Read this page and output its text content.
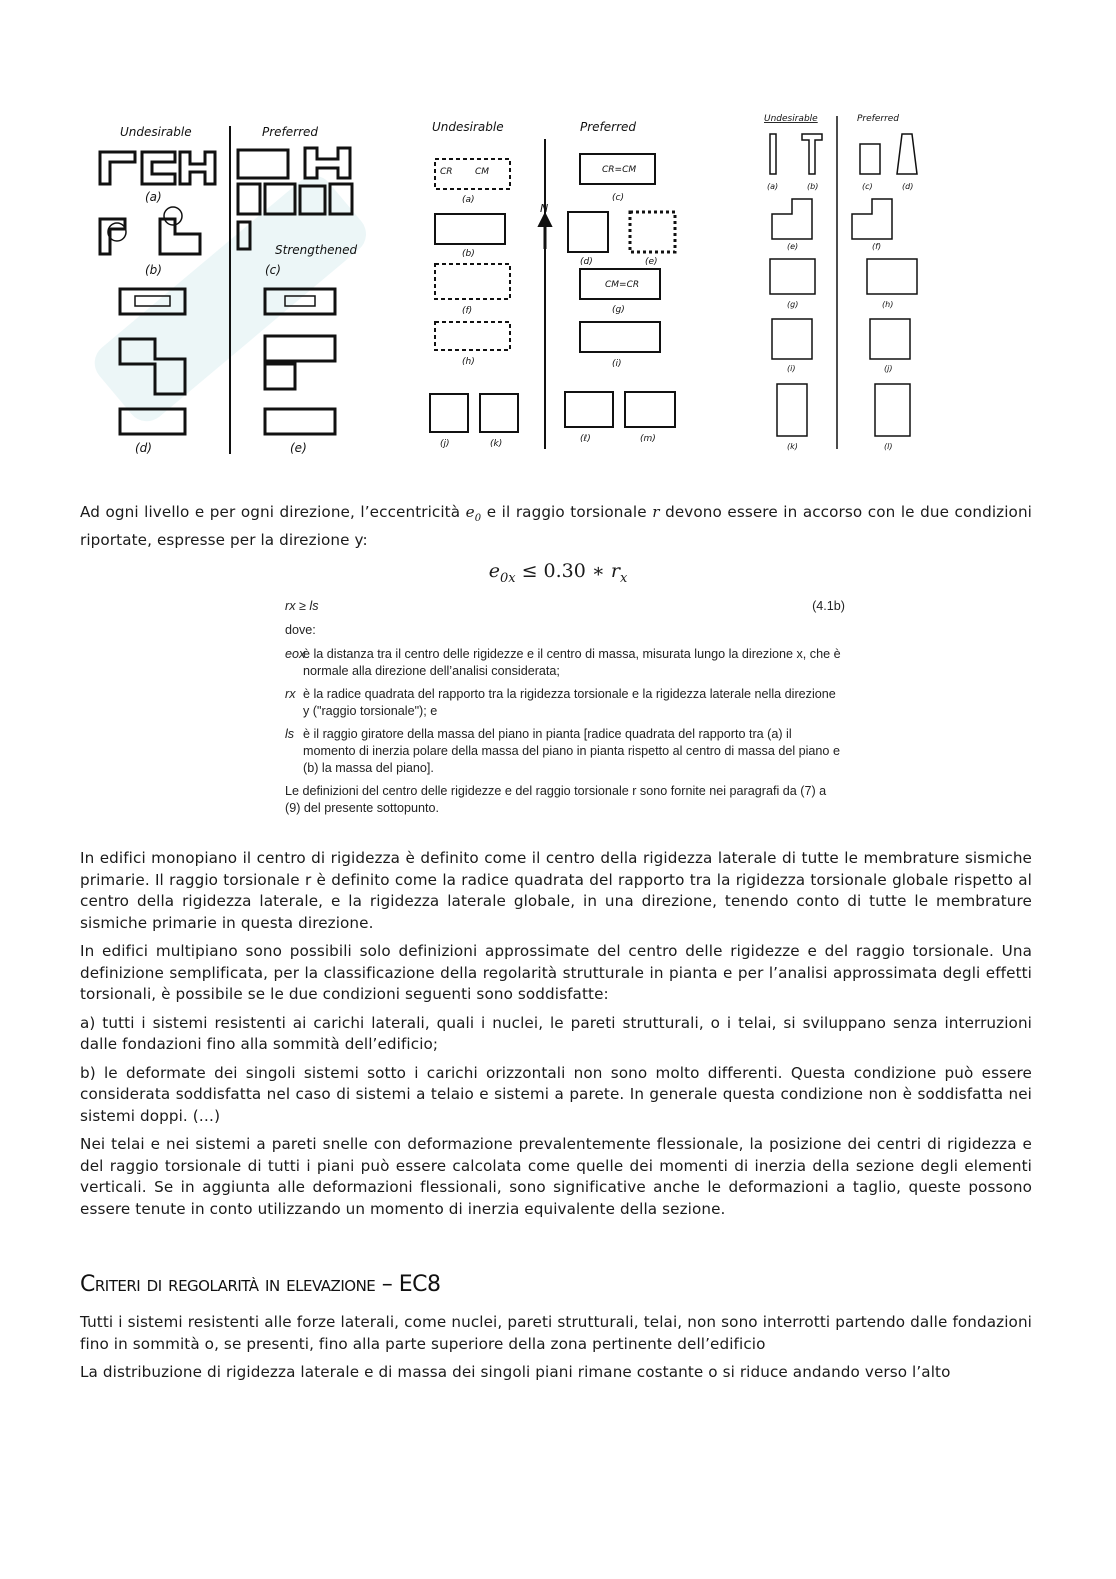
Undesirable	Preferred
(a)
(b)	(c)
Strengthened
(d)	(e)
Undesirable	Preferred
N
CR CM	CR=CM
CM=CR
(a)
(b)
(c)
(d)	(e)
(f)	(g)
(h)	(i)
(j)	(k)	(ℓ)	(m)
Undesirable	Preferred
(a)	(b)	(c)	(d)
(e)	(f)
(g)	(h)
(i)	(j)
(k)	(l)
Ad ogni livello e per ogni direzione, l’eccentricità $e_0$ e il raggio torsionale r devono essere in accorso con le due condizioni riportate, espresse per la direzione y:
$e_{0x} \le 0.30$ ∗ $r_x$
rx ≥ ls	(4.1b)
dove:
eox
è la distanza tra il centro delle rigidezze e il centro di massa, misurata lungo la direzione x, che è normale alla direzione dell’analisi considerata;
rx è la radice quadrata del rapporto tra la rigidezza torsionale e la rigidezza laterale nella direzione y ("raggio torsionale"); e
ls è il raggio giratore della massa del piano in pianta [radice quadrata del rapporto tra (a) il momento di inerzia polare della massa del piano in pianta rispetto al centro di massa del piano e (b) la massa del piano].
Le definizioni del centro delle rigidezze e del raggio torsionale r sono fornite nei paragrafi da (7) a (9) del presente sottopunto.

In edifici monopiano il centro di rigidezza è definito come il centro della rigidezza laterale di tutte le membrature sismiche primarie. Il raggio torsionale r è definito come la radice quadrata del rapporto tra la rigidezza torsionale globale rispetto al centro della rigidezza laterale, e la rigidezza laterale globale, in una direzione, tenendo conto di tutte le membrature sismiche primarie in questa direzione.

In edifici multipiano sono possibili solo definizioni approssimate del centro delle rigidezze e del raggio torsionale. Una definizione semplificata, per la classificazione della regolarità strutturale in pianta e per l’analisi approssimata degli effetti torsionali, è possibile se le due condizioni seguenti sono soddisfatte:

a) tutti i sistemi resistenti ai carichi laterali, quali i nuclei, le pareti strutturali, o i telai, si sviluppano senza interruzioni dalle fondazioni fino alla sommità dell’edificio;

b) le deformate dei singoli sistemi sotto i carichi orizzontali non sono molto differenti. Questa condizione può essere considerata soddisfatta nel caso di sistemi a telaio e sistemi a parete. In generale questa condizione non è soddisfatta nei sistemi doppi. (…)

Nei telai e nei sistemi a pareti snelle con deformazione prevalentemente flessionale, la posizione dei centri di rigidezza e del raggio torsionale di tutti i piani può essere calcolata come quelle dei momenti di inerzia della sezione degli elementi verticali. Se in aggiunta alle deformazioni flessionali, sono significative anche le deformazioni a taglio, queste possono essere tenute in conto utilizzando un momento di inerzia equivalente della sezione.

Criteri di regolarità in elevazione – EC8

Tutti i sistemi resistenti alle forze laterali, come nuclei, pareti strutturali, telai, non sono interrotti partendo dalle fondazioni fino in sommità o, se presenti, fino alla parte superiore della zona pertinente dell’edificio

La distribuzione di rigidezza laterale e di massa dei singoli piani rimane costante o si riduce andando verso l’alto
